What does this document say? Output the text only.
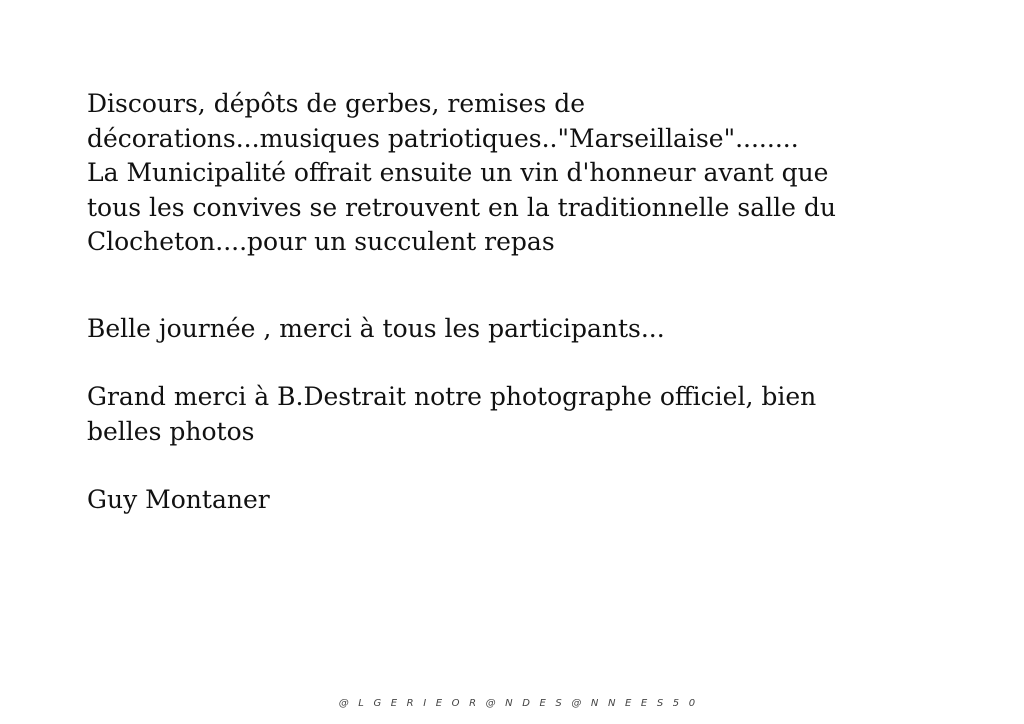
Discours, dépôts de gerbes, remises de
décorations...musiques patriotiques.."Marseillaise"........
La Municipalité offrait ensuite un vin d'honneur avant que
tous les convives se retrouvent en la traditionnelle salle du
Clocheton....pour un succulent repas

Belle journée , merci à tous les participants...

Grand merci à B.Destrait notre photographe officiel, bien
belles photos

Guy Montaner

@ L G E R I E O R @ N D E S @ N N E E S 5 0
